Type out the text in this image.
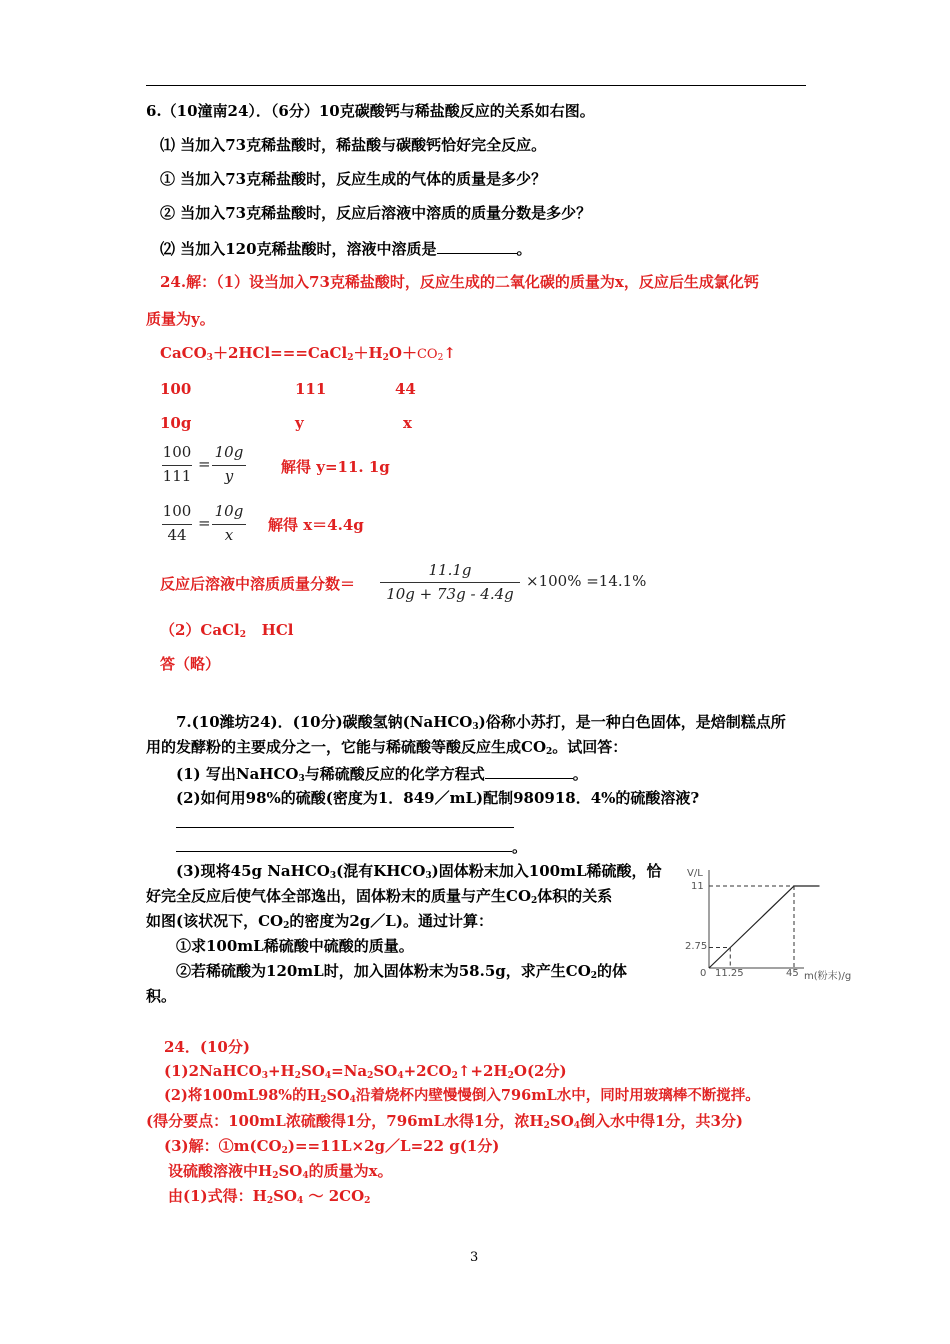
6.（10潼南24）．（6分）10克碳酸钙与稀盐酸反应的关系如右图。
⑴ 当加入73克稀盐酸时，稀盐酸与碳酸钙恰好完全反应。
① 当加入73克稀盐酸时，反应生成的气体的质量是多少？
② 当加入73克稀盐酸时，反应后溶液中溶质的质量分数是多少？
⑵ 当加入120克稀盐酸时，溶液中溶质是	。
24.解：（1）设当加入73克稀盐酸时，反应生成的二氧化碳的质量为x，反应后生成氯化钙
质量为y。
$CaCO_3+2HCl===CaCl_2+H_2O+CO_2↑$
100	111	44
10g	y	x
100
111
=
10g
y	解得 y=11. 1g
100
44
=
10g
x
解得 x＝4.4g
反应后溶液中溶质质量分数＝
11.1g
10g + 73g - 4.4g
×100% =14.1%
（2）CaCl$_2$   HCl
答（略）
7.(10潍坊24)．(10分)碳酸氢钠(NaHCO$_3$)俗称小苏打，是一种白色固体，是焙制糕点所
用的发酵粉的主要成分之一，它能与稀硫酸等酸反应生成$CO_2$。试回答：
(1) 写出NaHCO$_3$与稀硫酸反应的化学方程式	。
(2)如何用98%的硫酸(密度为1．849／mL)配制980918．4%的硫酸溶液?
。
(3)现将45g NaHCO$_3$(混有$KHCO_3$)固体粉末加入100mL稀硫酸，恰
好完全反应后使气体全部逸出，固体粉末的质量与产生$CO_2$体积的关系
如图(该状况下，$CO_2$的密度为2g／L)。通过计算：
①求100mL稀硫酸中硫酸的质量。
②若稀硫酸为120mL时，加入固体粉末为58.5g，求产生$CO_2$的体
积。
V/L
11
2.75
0 11.25	45 m(粉末)/g
24．(10分)
$(1)2NaHCO_3+H_2SO_4=Na_2SO_4+2CO_2↑+2H_2O(2$分)
(2)将100mL98%的$H_2SO_4$沿着烧杯内壁慢慢倒入796mL水中，同时用玻璃棒不断搅拌。
(得分要点：100mL浓硫酸得1分，796mL水得1分，浓$H_2SO_4$倒入水中得1分，共3分)
(3)解：$①m(CO_2)==11L\times 2g/L=22$ g(1分)
设硫酸溶液中$H_2SO_4$的质量为x。
由(1)式得：$H_2SO_4$ ～ $2CO_2$
3
